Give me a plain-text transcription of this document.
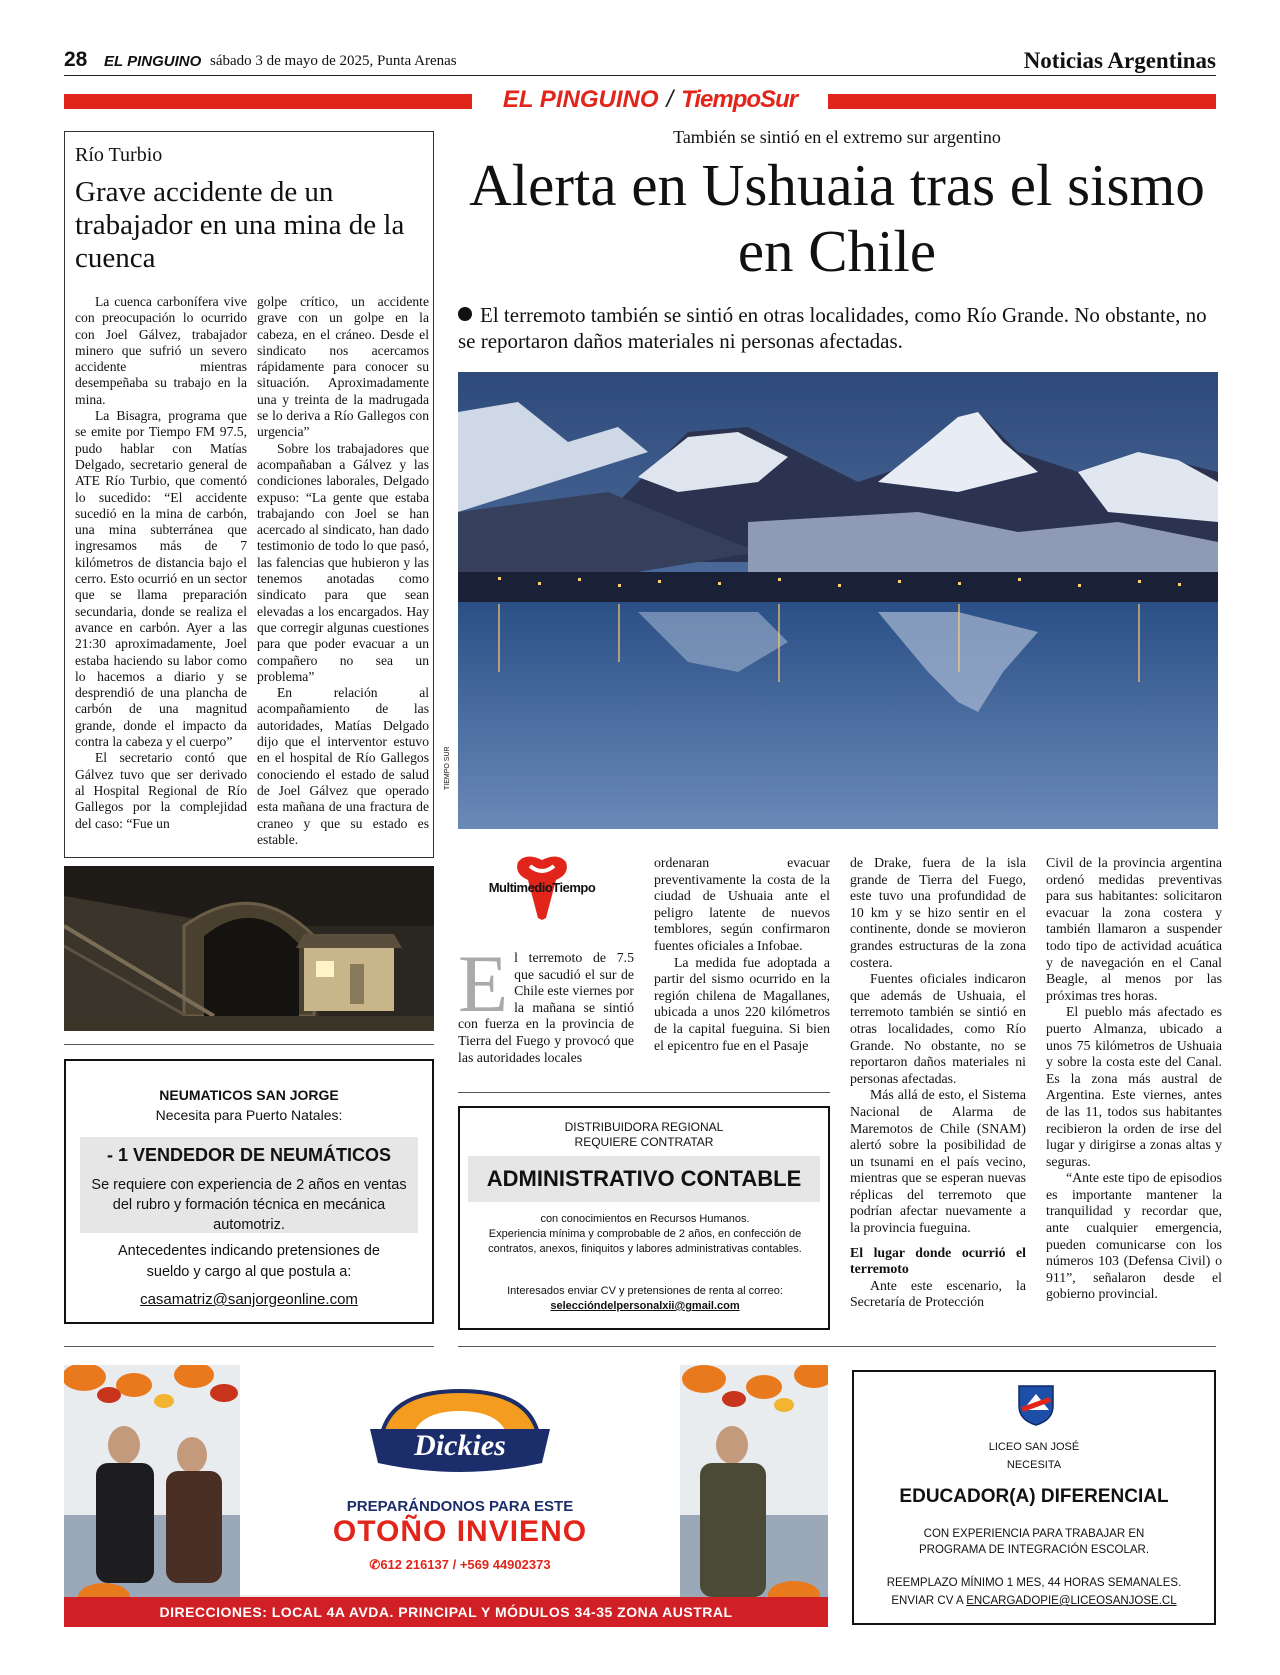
28 EL PINGUINO sábado 3 de mayo de 2025, Punta Arenas	Noticias Argentinas
EL PINGUINO / TiempoSur
Río Turbio
Grave accidente de un trabajador en una mina de la cuenca

La cuenca carbonífera vive con preocupación lo ocurrido con Joel Gálvez, trabajador minero que sufrió un severo accidente mientras desempeñaba su trabajo en la mina.

La Bisagra, programa que se emite por Tiempo FM 97.5, pudo hablar con Matías Delgado, secretario general de ATE Río Turbio, que comentó lo sucedido: “El accidente sucedió en la mina de carbón, una mina subterránea que ingresamos más de 7 kilómetros de distancia bajo el cerro. Esto ocurrió en un sector que se llama preparación secundaria, donde se realiza el avance en carbón. Ayer a las 21:30 aproximadamente, Joel estaba haciendo su labor como lo hacemos a diario y se desprendió de una plancha de carbón de una magnitud grande, donde el impacto da contra la cabeza y el cuerpo”

El secretario contó que Gálvez tuvo que ser derivado al Hospital Regional de Río Gallegos por la complejidad del caso: “Fue un

golpe crítico, un accidente grave con un golpe en la cabeza, en el cráneo. Desde el sindicato nos acercamos rápidamente para conocer su situación. Aproximadamente una y treinta de la madrugada se lo deriva a Río Gallegos con urgencia”

Sobre los trabajadores que acompañaban a Gálvez y las condiciones laborales, Delgado expuso: “La gente que estaba trabajando con Joel se han acercado al sindicato, han dado testimonio de todo lo que pasó, las falencias que hubieron y las tenemos anotadas como sindicato para que sean elevadas a los encargados. Hay que corregir algunas cuestiones para que poder evacuar a un compañero no sea un problema”

En relación al acompañamiento de las autoridades, Matías Delgado dijo que el interventor estuvo en el hospital de Río Gallegos conociendo el estado de salud de Joel Gálvez que operado esta mañana de una fractura de craneo y que su estado es estable.

También se sintió en el extremo sur argentino
Alerta en Ushuaia tras el sismo en Chile
El terremoto también se sintió en otras localidades, como Río Grande. No obstante, no se reportaron daños materiales ni personas afectadas.
TIEMPO SUR
MultimedioTiempo
E l terremoto de 7.5 que sacudió el sur de Chile este viernes por la mañana se sintió con fuerza en la provincia de Tierra del Fuego y provocó que las autoridades locales

ordenaran evacuar preventivamente la costa de la ciudad de Ushuaia ante el peligro latente de nuevos temblores, según confirmaron fuentes oficiales a Infobae.

La medida fue adoptada a partir del sismo ocurrido en la región chilena de Magallanes, ubicada a unos 220 kilómetros de la capital fueguina. Si bien el epicentro fue en el Pasaje

de Drake, fuera de la isla grande de Tierra del Fuego, este tuvo una profundidad de 10 km y se hizo sentir en el continente, donde se movieron grandes estructuras de la zona costera.

Fuentes oficiales indicaron que además de Ushuaia, el terremoto también se sintió en otras localidades, como Río Grande. No obstante, no se reportaron daños materiales ni personas afectadas.

Más allá de esto, el Sistema Nacional de Alarma de Maremotos de Chile (SNAM) alertó sobre la posibilidad de un tsunami en el país vecino, mientras que se esperan nuevas réplicas del terremoto que podrían afectar nuevamente a la provincia fueguina.

El lugar donde ocurrió el terremoto

Ante este escenario, la Secretaría de Protección

Civil de la provincia argentina ordenó medidas preventivas para sus habitantes: solicitaron evacuar la zona costera y también llamaron a suspender todo tipo de actividad acuática y de navegación en el Canal Beagle, al menos por las próximas tres horas.

El pueblo más afectado es puerto Almanza, ubicado a unos 75 kilómetros de Ushuaia y sobre la costa este del Canal. Es la zona más austral de Argentina. Este viernes, antes de las 11, todos sus habitantes recibieron la orden de irse del lugar y dirigirse a zonas altas y seguras.

“Ante este tipo de episodios es importante mantener la tranquilidad y recordar que, ante cualquier emergencia, pueden comunicarse con los números 103 (Defensa Civil) o 911”, señalaron desde el gobierno provincial.

NEUMATICOS SAN JORGE
Necesita para Puerto Natales:
- 1 VENDEDOR DE NEUMÁTICOS
Se requiere con experiencia de 2 años en ventas del rubro y formación técnica en mecánica automotriz.
Antecedentes indicando pretensiones de sueldo y cargo al que postula a:
casamatriz@sanjorgeonline.com
DISTRIBUIDORA REGIONAL
REQUIERE CONTRATAR
ADMINISTRATIVO CONTABLE
con conocimientos en Recursos Humanos.
Experiencia mínima y comprobable de 2 años, en confección de contratos, anexos, finiquitos y labores administrativas contables.
Interesados enviar CV y pretensiones de renta al correo:
seleccióndelpersonalxii@gmail.com
Dickies
PREPARÁNDONOS PARA ESTE
OTOÑO INVIENO
✆612 216137 / +569 44902373
DIRECCIONES: LOCAL 4A AVDA. PRINCIPAL Y MÓDULOS 34-35 ZONA AUSTRAL
LICEO SAN JOSÉ
NECESITA
EDUCADOR(A) DIFERENCIAL
CON EXPERIENCIA PARA TRABAJAR EN
PROGRAMA DE INTEGRACIÓN ESCOLAR.
REEMPLAZO MÍNIMO 1 MES, 44 HORAS SEMANALES.
ENVIAR CV A ENCARGADOPIE@LICEOSANJOSE.CL
